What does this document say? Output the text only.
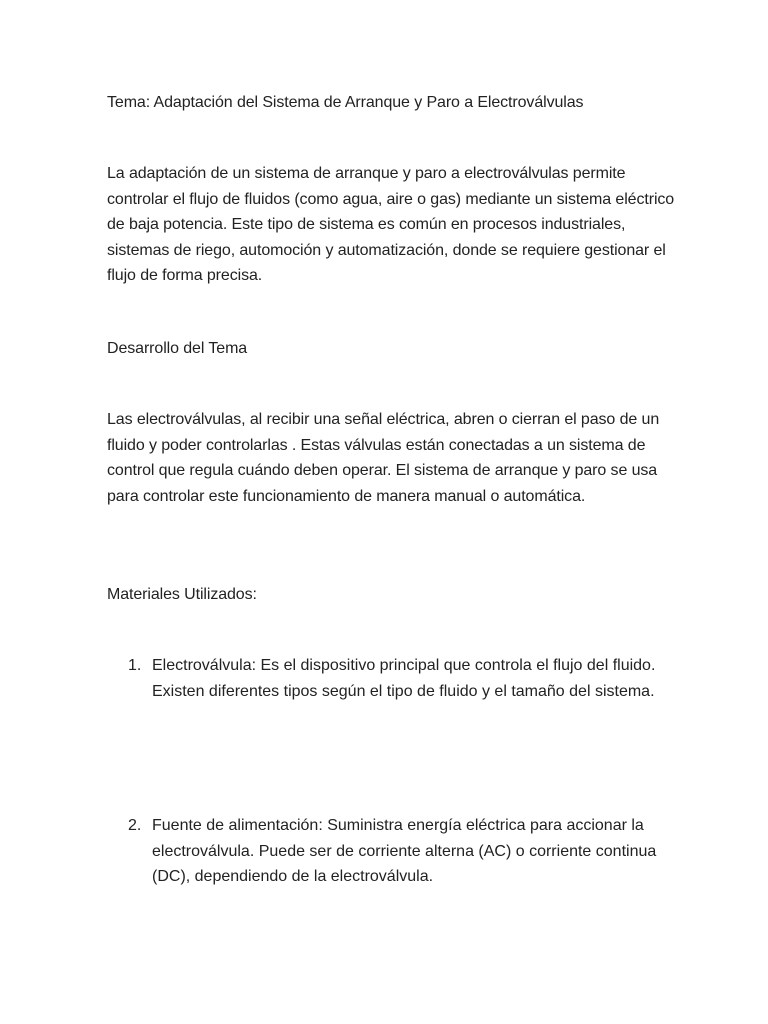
Tema: Adaptación del Sistema de Arranque y Paro a Electroválvulas

La adaptación de un sistema de arranque y paro a electroválvulas permite controlar el flujo de fluidos (como agua, aire o gas) mediante un sistema eléctrico de baja potencia. Este tipo de sistema es común en procesos industriales, sistemas de riego, automoción y automatización, donde se requiere gestionar el flujo de forma precisa.

Desarrollo del Tema

Las electroválvulas, al recibir una señal eléctrica, abren o cierran el paso de un fluido y poder controlarlas . Estas válvulas están conectadas a un sistema de control que regula cuándo deben operar. El sistema de arranque y paro se usa para controlar este funcionamiento de manera manual o automática.

Materiales Utilizados:

1. Electroválvula: Es el dispositivo principal que controla el flujo del fluido. Existen diferentes tipos según el tipo de fluido y el tamaño del sistema.
2. Fuente de alimentación: Suministra energía eléctrica para accionar la electroválvula. Puede ser de corriente alterna (AC) o corriente continua (DC), dependiendo de la electroválvula.
